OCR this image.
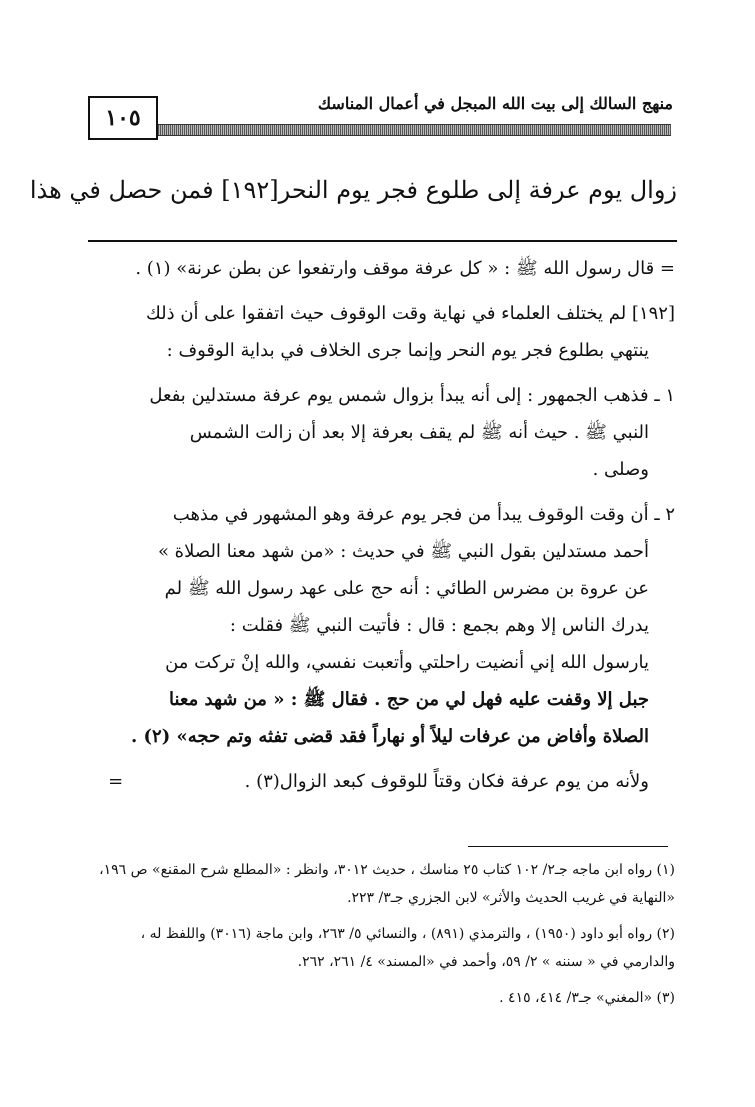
منهج السالك إلى بيت الله المبجل في أعمال المناسك
١٠٥
زوال يوم عرفة إلى طلوع فجر يوم النحر[١٩٢] فمن حصل في هذا

= قال رسول الله ﷺ : « كل عرفة موقف وارتفعوا عن بطن عرنة» (١) .

[١٩٢] لم يختلف العلماء في نهاية وقت الوقوف حيث اتفقوا على أن ذلك

ينتهي بطلوع فجر يوم النحر وإنما جرى الخلاف في بداية الوقوف :

١ ـ فذهب الجمهور : إلى أنه يبدأ بزوال شمس يوم عرفة مستدلين بفعل

النبي ﷺ . حيث أنه ﷺ لم يقف بعرفة إلا بعد أن زالت الشمس

وصلى .

٢ ـ أن وقت الوقوف يبدأ من فجر يوم عرفة وهو المشهور في مذهب

أحمد مستدلين بقول النبي ﷺ في حديث : «من شهد معنا الصلاة »

عن عروة بن مضرس الطائي : أنه حج على عهد رسول الله ﷺ لم

يدرك الناس إلا وهم بجمع : قال : فأتيت النبي ﷺ فقلت :

يارسول الله إني أنضيت راحلتي وأتعبت نفسي، والله إنْ تركت من

جبل إلا وقفت عليه فهل لي من حج . فقال ﷺ : « من شهد معنا

الصلاة وأفاض من عرفات ليلاً أو نهاراً فقد قضى تفثه وتم حجه» (٢) .

ولأنه من يوم عرفة فكان وقتاً للوقوف كبعد الزوال(٣) .  =

(١) رواه ابن ماجه جـ٢/ ١٠٢ كتاب ٢٥ مناسك ، حديث ٣٠١٢، وانظر : «المطلع شرح المقنع» ص ١٩٦، «النهاية في غريب الحديث والأثر» لابن الجزري جـ٣/ ٢٢٣.

(٢) رواه أبو داود (١٩٥٠) ، والترمذي (٨٩١) ، والنسائي ٥/ ٢٦٣، وابن ماجة (٣٠١٦) واللفظ له ، والدارمي في « سننه » ٢/ ٥٩، وأحمد في «المسند» ٤/ ٢٦١، ٢٦٢.

(٣) «المغني» جـ٣/ ٤١٤، ٤١٥ .
